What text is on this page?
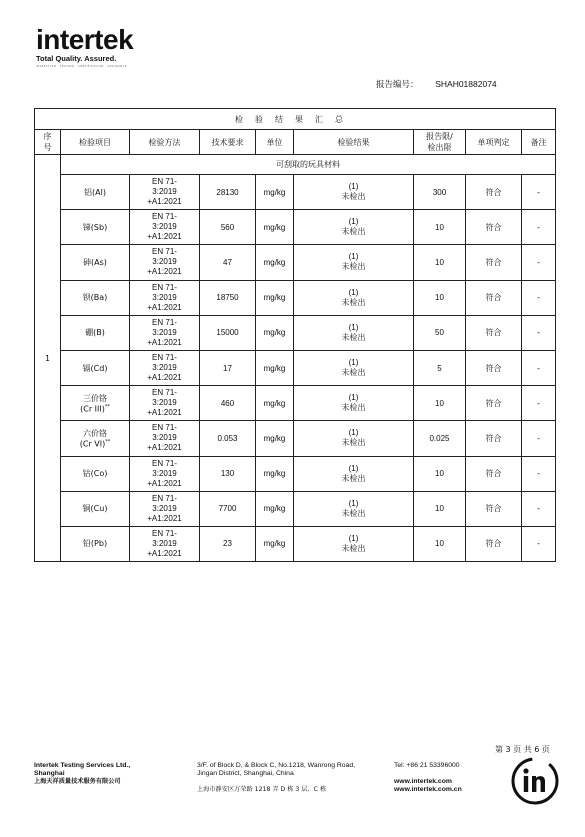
intertek
Total Quality. Assured.
INSPECTION · TESTING · CERTIFICATION · ASSURANCE
报告编号： SHAH01882074
检验结果汇总								
序
号	检验项目	检验方法	技术要求	单位	检验结果	报告限/
检出限	单项判定	备注
1	可刮取的玩具材料							
	铝(Al)	EN 71-
3:2019
+A1:2021	28130	mg/kg	(1)
未检出	300	符合	-
	锑(Sb)	EN 71-
3:2019
+A1:2021	560	mg/kg	(1)
未检出	10	符合	-
	砷(As)	EN 71-
3:2019
+A1:2021	47	mg/kg	(1)
未检出	10	符合	-
	钡(Ba)	EN 71-
3:2019
+A1:2021	18750	mg/kg	(1)
未检出	10	符合	-
	硼(B)	EN 71-
3:2019
+A1:2021	15000	mg/kg	(1)
未检出	50	符合	-
	镉(Cd)	EN 71-
3:2019
+A1:2021	17	mg/kg	(1)
未检出	5	符合	-
	三价铬
(Cr III)**	EN 71-
3:2019
+A1:2021	460	mg/kg	(1)
未检出	10	符合	-
	六价铬
(Cr VI)**	EN 71-
3:2019
+A1:2021	0.053	mg/kg	(1)
未检出	0.025	符合	-
	钴(Co)	EN 71-
3:2019
+A1:2021	130	mg/kg	(1)
未检出	10	符合	-
	铜(Cu)	EN 71-
3:2019
+A1:2021	7700	mg/kg	(1)
未检出	10	符合	-
	铅(Pb)	EN 71-
3:2019
+A1:2021	23	mg/kg	(1)
未检出	10	符合	-
第 3 页 共 6 页
Intertek Testing Services Ltd.,
Shanghai
上海天祥质量技术服务有限公司
3/F. of Block D, & Block C, No.1218, Wanrong Road,
Jingan District, Shanghai, China
上海市静安区万荣路 1218 弄 D 栋 3 层、C 栋
Tel: +86 21 53396000
www.intertek.com
www.intertek.com.cn
